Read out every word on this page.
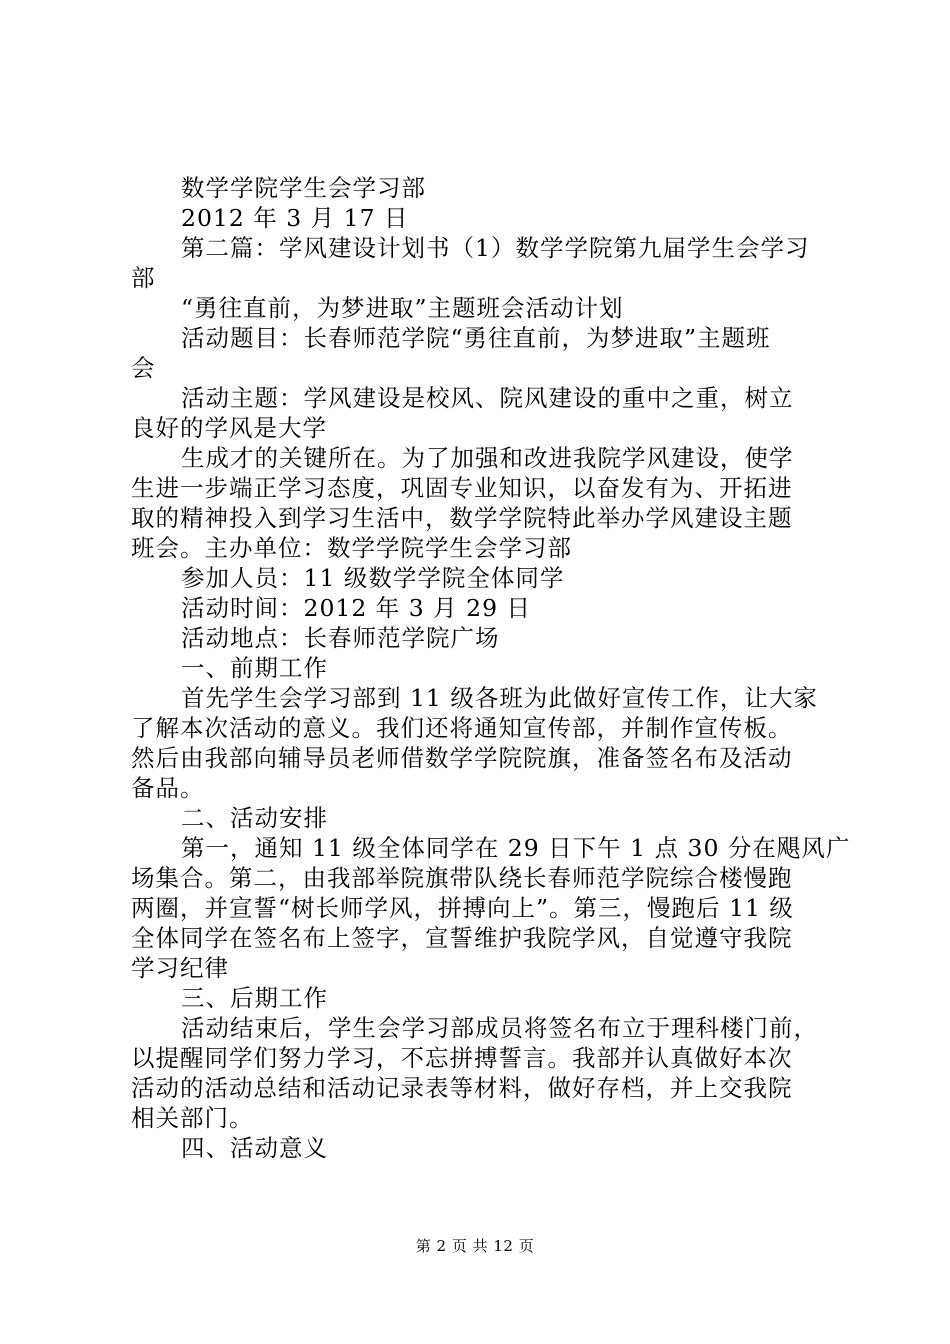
数学学院学生会学习部
2012 年 3 月 17 日
第二篇：学风建设计划书（1）数学学院第九届学生会学习
部
“勇往直前，为梦进取”主题班会活动计划
活动题目：长春师范学院“勇往直前，为梦进取”主题班
会
活动主题：学风建设是校风、院风建设的重中之重，树立
良好的学风是大学
生成才的关键所在。为了加强和改进我院学风建设，使学
生进一步端正学习态度，巩固专业知识，以奋发有为、开拓进
取的精神投入到学习生活中，数学学院特此举办学风建设主题
班会。主办单位：数学学院学生会学习部
参加人员：11 级数学学院全体同学
活动时间：2012 年 3 月 29 日
活动地点：长春师范学院广场
一、前期工作
首先学生会学习部到 11 级各班为此做好宣传工作，让大家
了解本次活动的意义。我们还将通知宣传部，并制作宣传板。
然后由我部向辅导员老师借数学学院院旗，准备签名布及活动
备品。
二、活动安排
第一，通知 11 级全体同学在 29 日下午 1 点 30 分在飓风广
场集合。第二，由我部举院旗带队绕长春师范学院综合楼慢跑
两圈，并宣誓“树长师学风，拼搏向上”。第三，慢跑后 11 级
全体同学在签名布上签字，宣誓维护我院学风，自觉遵守我院
学习纪律
三、后期工作
活动结束后，学生会学习部成员将签名布立于理科楼门前，
以提醒同学们努力学习，不忘拼搏誓言。我部并认真做好本次
活动的活动总结和活动记录表等材料，做好存档，并上交我院
相关部门。
四、活动意义
第 2 页 共 12 页
